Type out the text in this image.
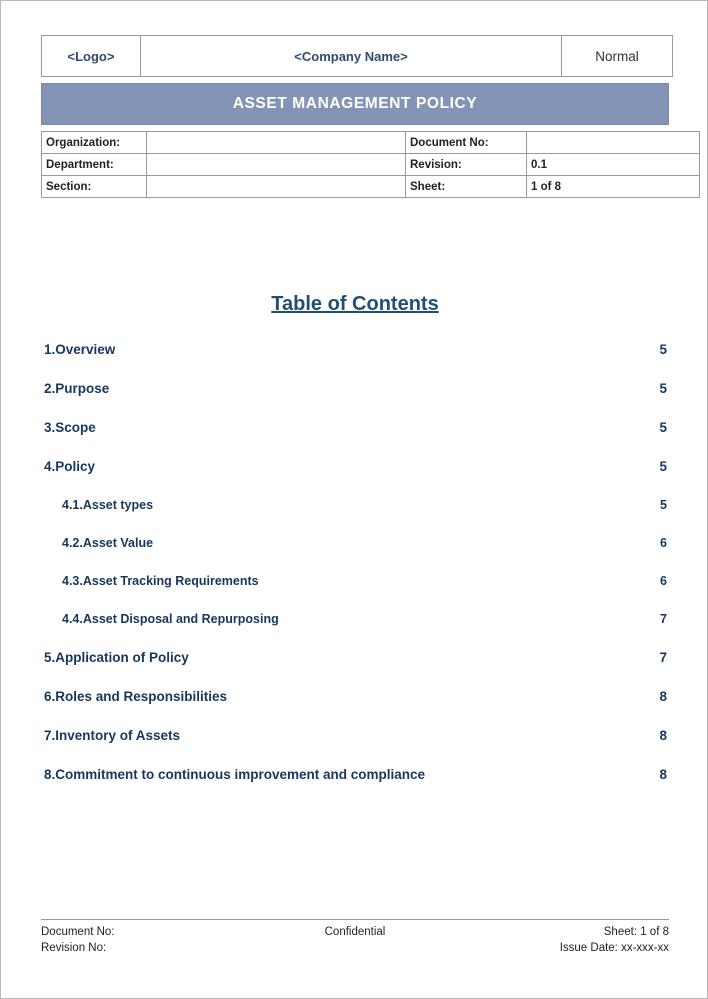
<Logo>	<Company Name>	Normal
ASSET MANAGEMENT POLICY
Organization:		Document No:	
Department:		Revision:	0.1
Section:		Sheet:	1 of 8
Table of Contents
1.Overview	5
2.Purpose	5
3.Scope	5
4.Policy	5
4.1.Asset types	5
4.2.Asset Value	6
4.3.Asset Tracking Requirements	6
4.4.Asset Disposal and Repurposing	7
5.Application of Policy	7
6.Roles and Responsibilities	8
7.Inventory of Assets	8
8.Commitment to continuous improvement and compliance	8
Document No:	Confidential	Sheet: 1 of 8
Revision No:	Issue Date: xx-xxx-xx
